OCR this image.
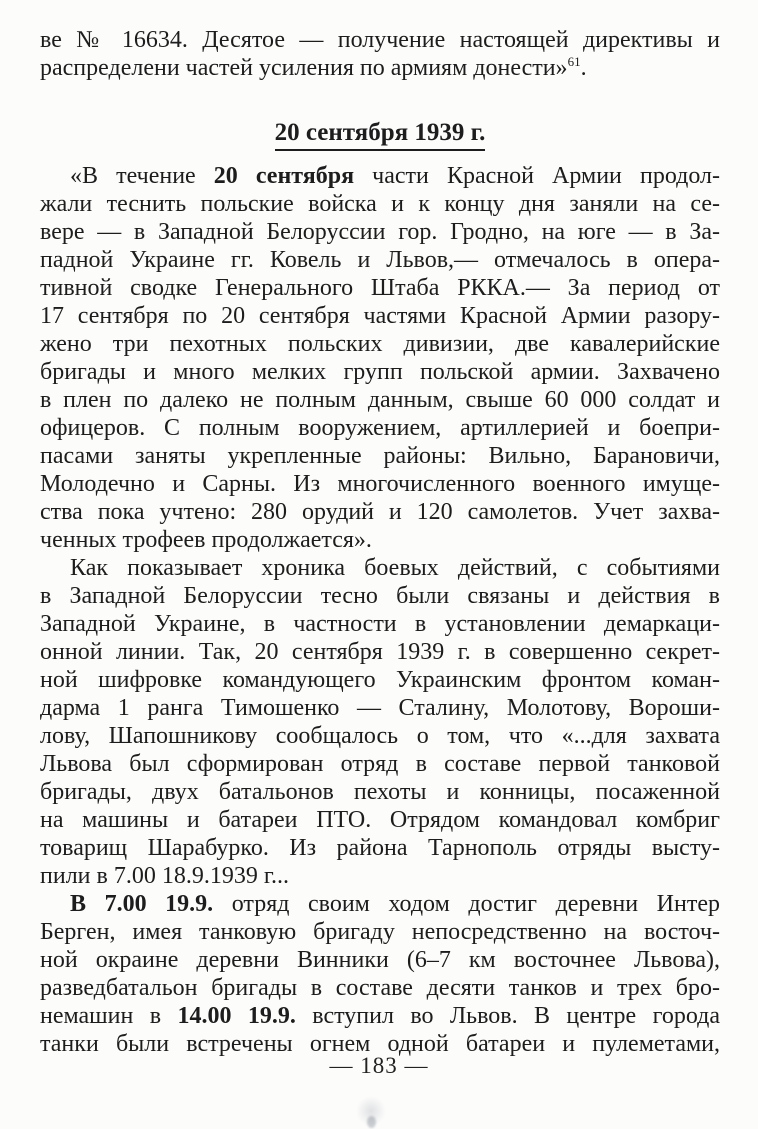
ве № 16634. Десятое — получение настоящей директивы и
распределени частей усиления по армиям донести»$^{61}$.
20 сентября 1939 г.
«В течение 20 сентября части Красной Армии продол-
жали теснить польские войска и к концу дня заняли на се-
вере — в Западной Белоруссии гор. Гродно, на юге — в За-
падной Украине гг. Ковель и Львов,— отмечалось в опера-
тивной сводке Генерального Штаба РККА.— За период от
17 сентября по 20 сентября частями Красной Армии разору-
жено три пехотных польских дивизии, две кавалерийские
бригады и много мелких групп польской армии. Захвачено
в плен по далеко не полным данным, свыше 60 000 солдат и
офицеров. С полным вооружением, артиллерией и боепри-
пасами заняты укрепленные районы: Вильно, Барановичи,
Молодечно и Сарны. Из многочисленного военного имуще-
ства пока учтено: 280 орудий и 120 самолетов. Учет захва-
ченных трофеев продолжается».
Как показывает хроника боевых действий, с событиями
в Западной Белоруссии тесно были связаны и действия в
Западной Украине, в частности в установлении демаркаци-
онной линии. Так, 20 сентября 1939 г. в совершенно секрет-
ной шифровке командующего Украинским фронтом коман-
дарма 1 ранга Тимошенко — Сталину, Молотову, Вороши-
лову, Шапошникову сообщалось о том, что «...для захвата
Львова был сформирован отряд в составе первой танковой
бригады, двух батальонов пехоты и конницы, посаженной
на машины и батареи ПТО. Отрядом командовал комбриг
товарищ Шарабурко. Из района Тарнополь отряды высту-
пили в 7.00 18.9.1939 г...
В 7.00 19.9. отряд своим ходом достиг деревни Интер
Берген, имея танковую бригаду непосредственно на восточ-
ной окраине деревни Винники (6–7 км восточнее Львова),
разведбатальон бригады в составе десяти танков и трех бро-
немашин в 14.00 19.9. вступил во Львов. В центре города
танки были встречены огнем одной батареи и пулеметами,
— 183 —
